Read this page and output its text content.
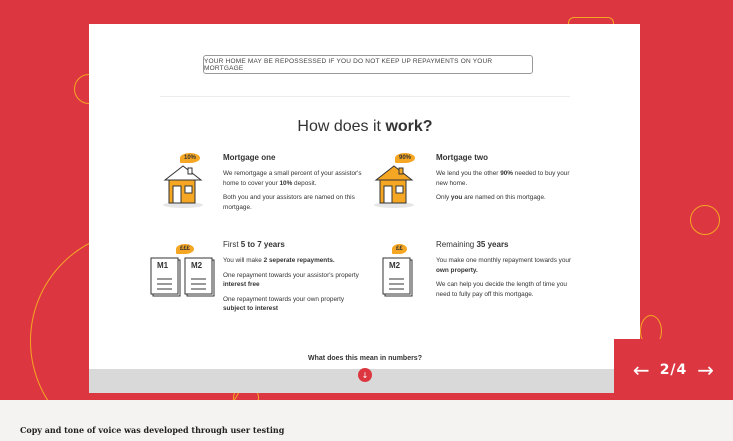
YOUR HOME MAY BE REPOSSESSED IF YOU DO NOT KEEP UP REPAYMENTS ON YOUR MORTGAGE
How does it work?
10%	Mortgage one

We remortgage a small percent of your assistor's home to cover your 10% deposit.

Both you and your assistors are named on this mortgage.

90%	Mortgage two

We lend you the other 90% needed to buy your new home.

Only you are named on this mortgage.

M1	M2
£££	First 5 to 7 years

You will make 2 seperate repayments.

One repayment towards your assistor's property interest free

One repayment towards your own property subject to interest

M2
££	Remaining 35 years

You make one monthly repayment towards your own property.

We can help you decide the length of time you need to fully pay off this mortgage.

What does this mean in numbers?
↓	← 2/4 →
Copy and tone of voice was developed through user testing
